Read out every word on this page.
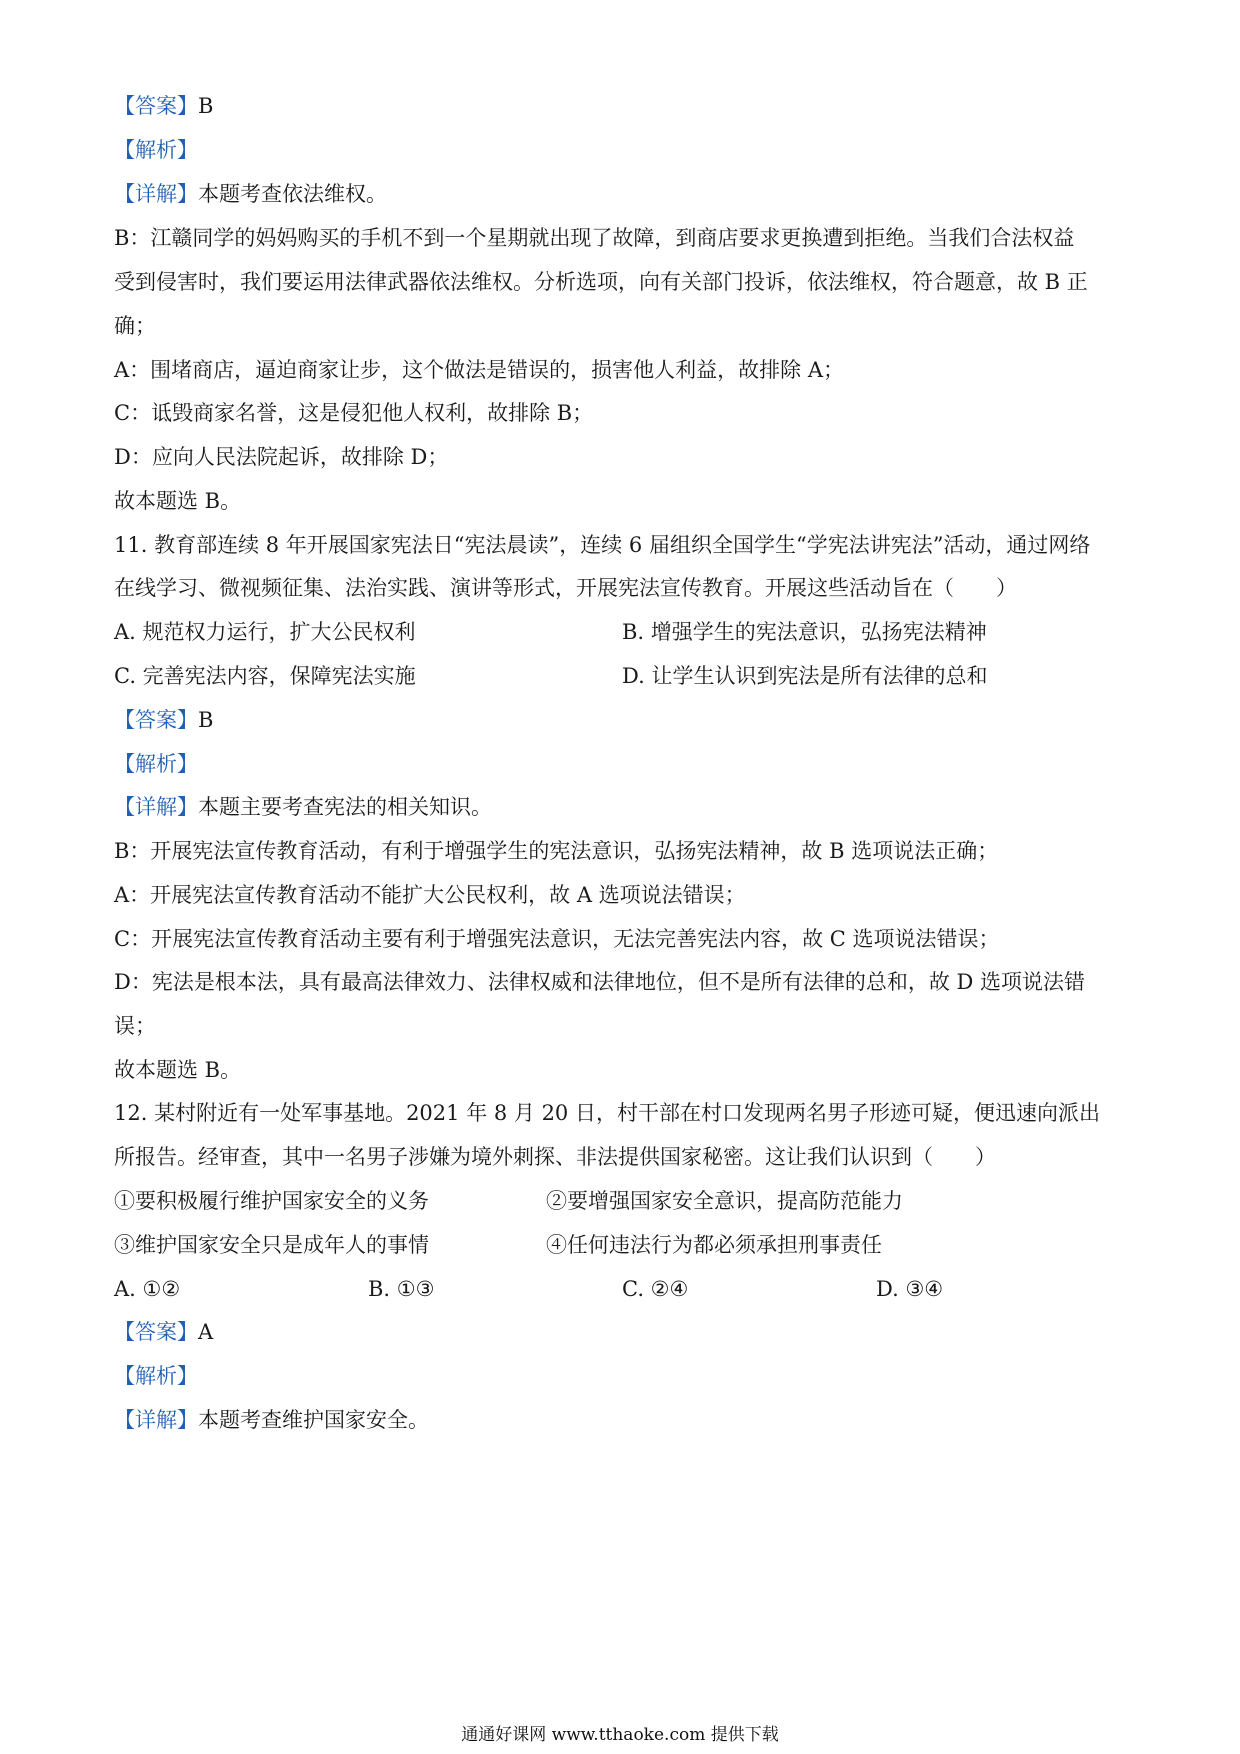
【答案】B
【解析】
【详解】本题考查依法维权。
B：江赣同学的妈妈购买的手机不到一个星期就出现了故障，到商店要求更换遭到拒绝。当我们合法权益
受到侵害时，我们要运用法律武器依法维权。分析选项，向有关部门投诉，依法维权，符合题意，故 B 正
确；
A：围堵商店，逼迫商家让步，这个做法是错误的，损害他人利益，故排除 A；
C：诋毁商家名誉，这是侵犯他人权利，故排除 B；
D：应向人民法院起诉，故排除 D；
故本题选 B。
11. 教育部连续 8 年开展国家宪法日“宪法晨读”，连续 6 届组织全国学生“学宪法讲宪法”活动，通过网络
在线学习、微视频征集、法治实践、演讲等形式，开展宪法宣传教育。开展这些活动旨在（　　）
A. 规范权力运行，扩大公民权利	B. 增强学生的宪法意识，弘扬宪法精神
C. 完善宪法内容，保障宪法实施	D. 让学生认识到宪法是所有法律的总和
【答案】B
【解析】
【详解】本题主要考查宪法的相关知识。
B：开展宪法宣传教育活动，有利于增强学生的宪法意识，弘扬宪法精神，故 B 选项说法正确；
A：开展宪法宣传教育活动不能扩大公民权利，故 A 选项说法错误；
C：开展宪法宣传教育活动主要有利于增强宪法意识，无法完善宪法内容，故 C 选项说法错误；
D：宪法是根本法，具有最高法律效力、法律权威和法律地位，但不是所有法律的总和，故 D 选项说法错
误；
故本题选 B。
12. 某村附近有一处军事基地。2021 年 8 月 20 日，村干部在村口发现两名男子形迹可疑，便迅速向派出
所报告。经审查，其中一名男子涉嫌为境外刺探、非法提供国家秘密。这让我们认识到（　　）
①要积极履行维护国家安全的义务	②要增强国家安全意识，提高防范能力
③维护国家安全只是成年人的事情	④任何违法行为都必须承担刑事责任
A. ①②	B. ①③	C. ②④	D. ③④
【答案】A
【解析】
【详解】本题考查维护国家安全。
通通好课网 www.tthaoke.com 提供下载
